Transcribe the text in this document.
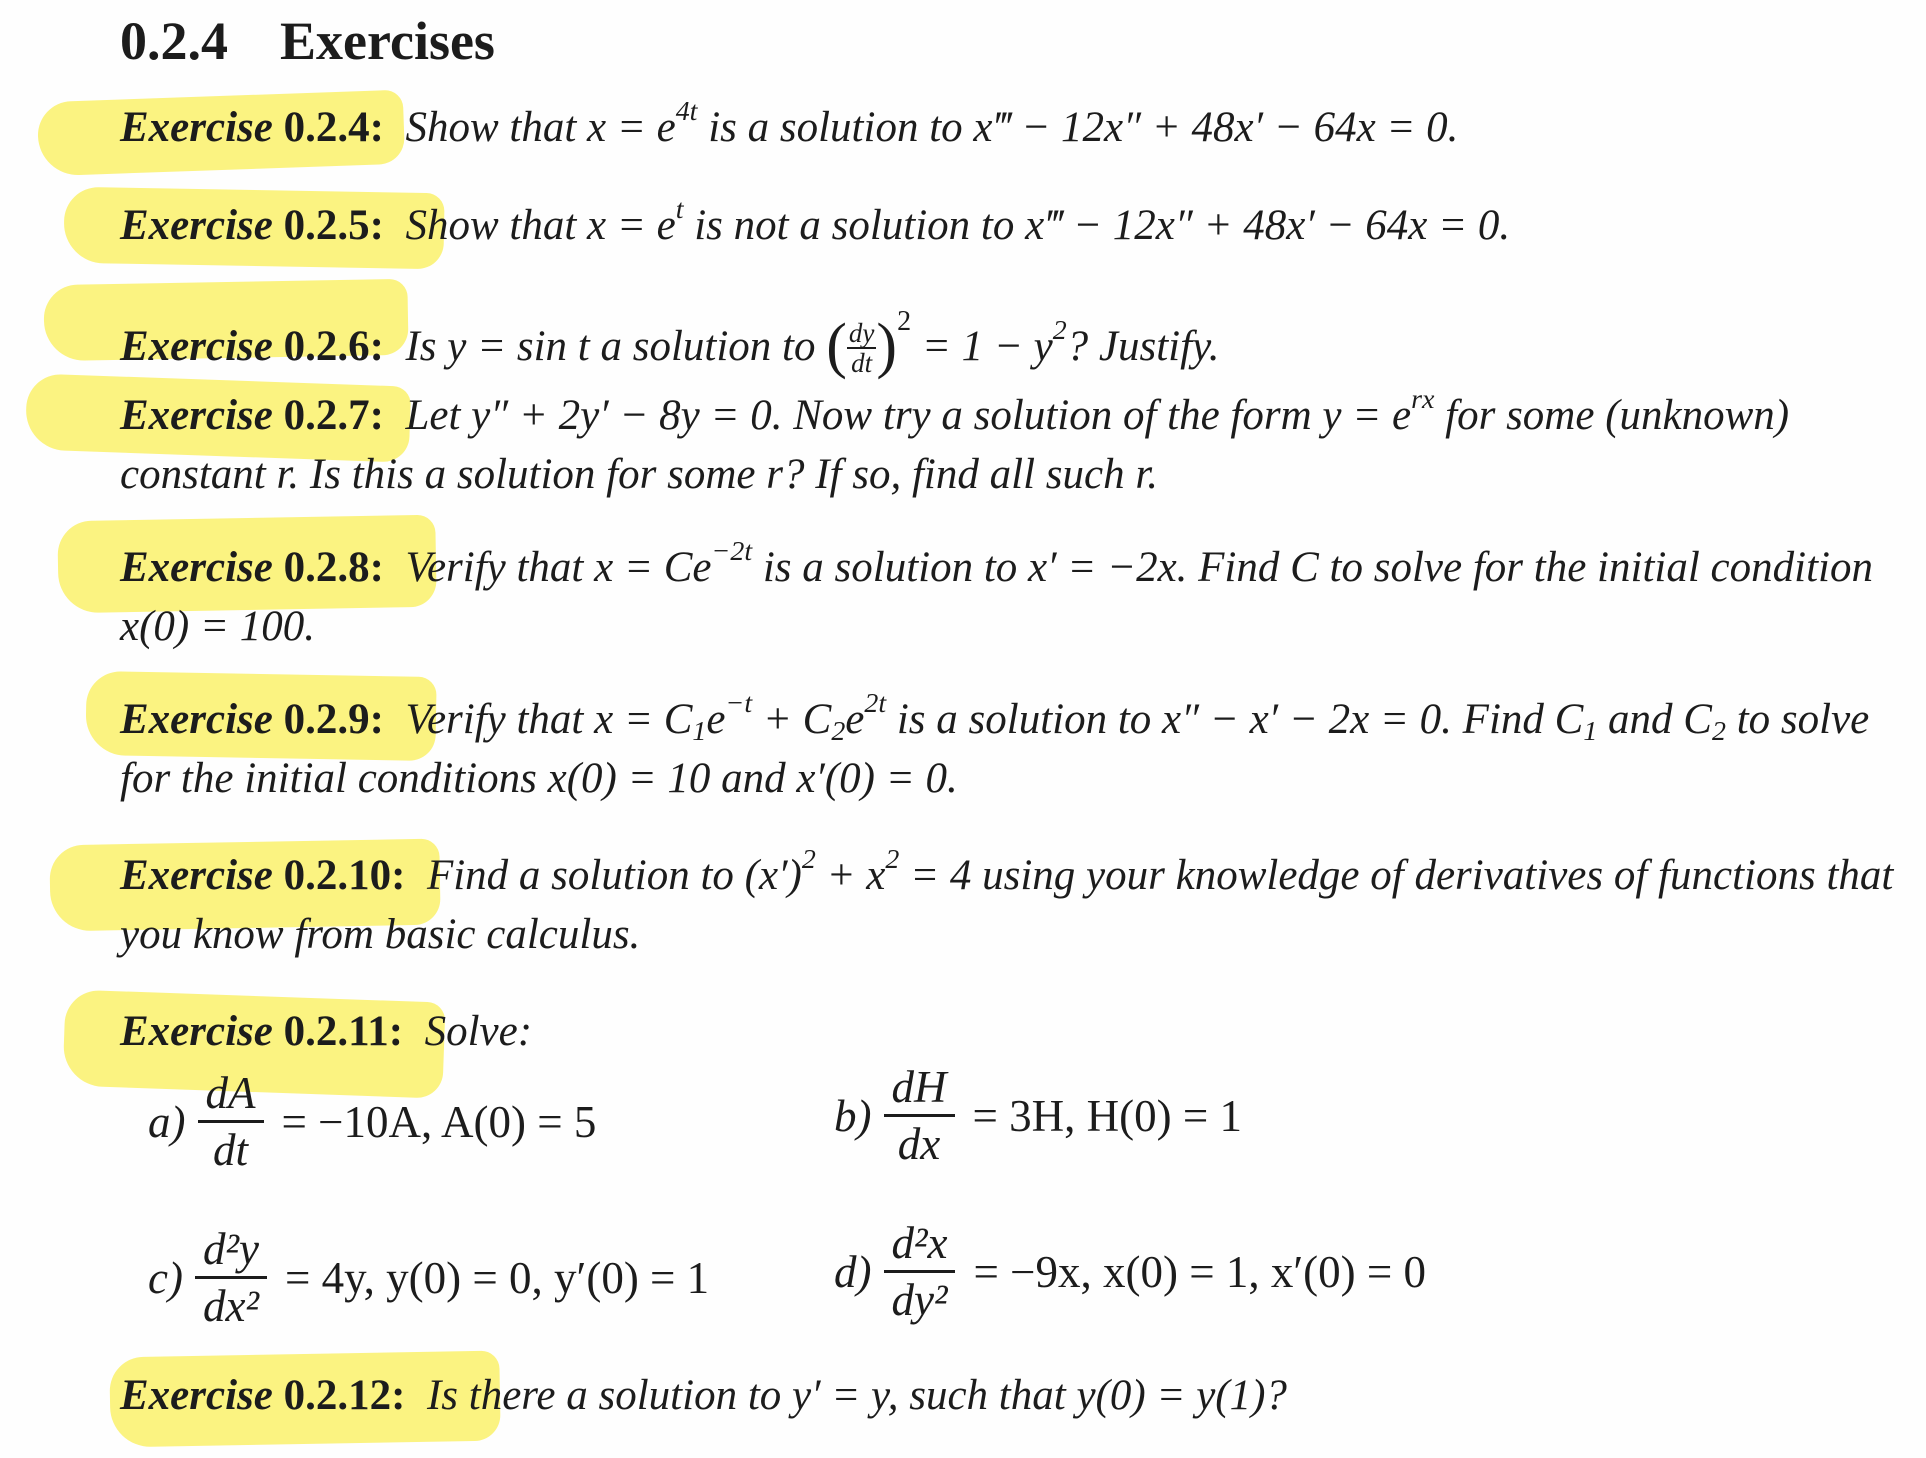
0.2.4 Exercises
Exercise 0.2.4: Show that $x = e^{4t}$ is a solution to x‴ − 12x″ + 48x′ − 64x = 0.
Exercise 0.2.5: Show that $x = e^t$ is not a solution to x‴ − 12x″ + 48x′ − 64x = 0.
Exercise 0.2.6: Is y = sin t a solution to ( $\frac{dy}{dt} )^2 = 1 - y^2$? Justify.
Exercise 0.2.7: Let y″ + 2y′ − 8y = 0. Now try a solution of the form $y = e^{rx}$ for some (unknown) constant r. Is this a solution for some r? If so, find all such r.
Exercise 0.2.8: Verify that $x = Ce^{-2t}$ is a solution to x′ = −2x. Find C to solve for the initial condition x(0) = 100.
Exercise 0.2.9: Verify that $x = C_1e^{-t} + C_2e^{2t}$ is a solution to x″ − x′ − 2x = 0. Find $C_1$ and $C_2$ to solve for the initial conditions x(0) = 10 and x′(0) = 0.
Exercise 0.2.10: Find a solution to $(x')^2 + x^2 = 4$ using your knowledge of derivatives of functions that you know from basic calculus.
Exercise 0.2.11: Solve:
$a) \frac{dA}{dt} = -10A$, A(0) = 5	$b) \frac{dH}{dx} = 3H$, H(0) = 1
$c) \frac{\text{d²y}}{\text{dx²}} = 4y$, y(0) = 0, y′(0) = 1	$d) \frac{\text{d²x}}{\text{dy²}} = -9x$, x(0) = 1, x′(0) = 0
Exercise 0.2.12: Is there a solution to y′ = y, such that y(0) = y(1)?
